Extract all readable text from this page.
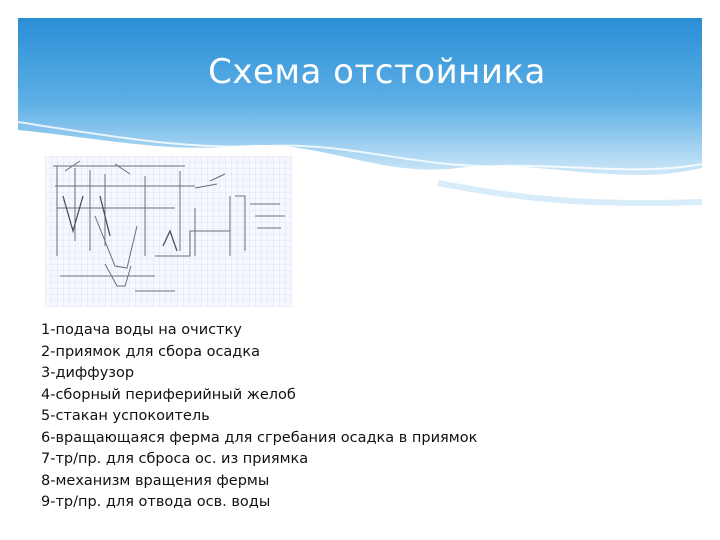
Схема отстойника
1-подача воды на очистку
2-приямок для сбора осадка
3-диффузор
4-сборный периферийный желоб
5-стакан успокоитель
6-вращающаяся ферма для сгребания осадка в приямок
7-тр/пр. для сброса ос. из приямка
8-механизм вращения фермы
9-тр/пр. для отвода осв. воды
